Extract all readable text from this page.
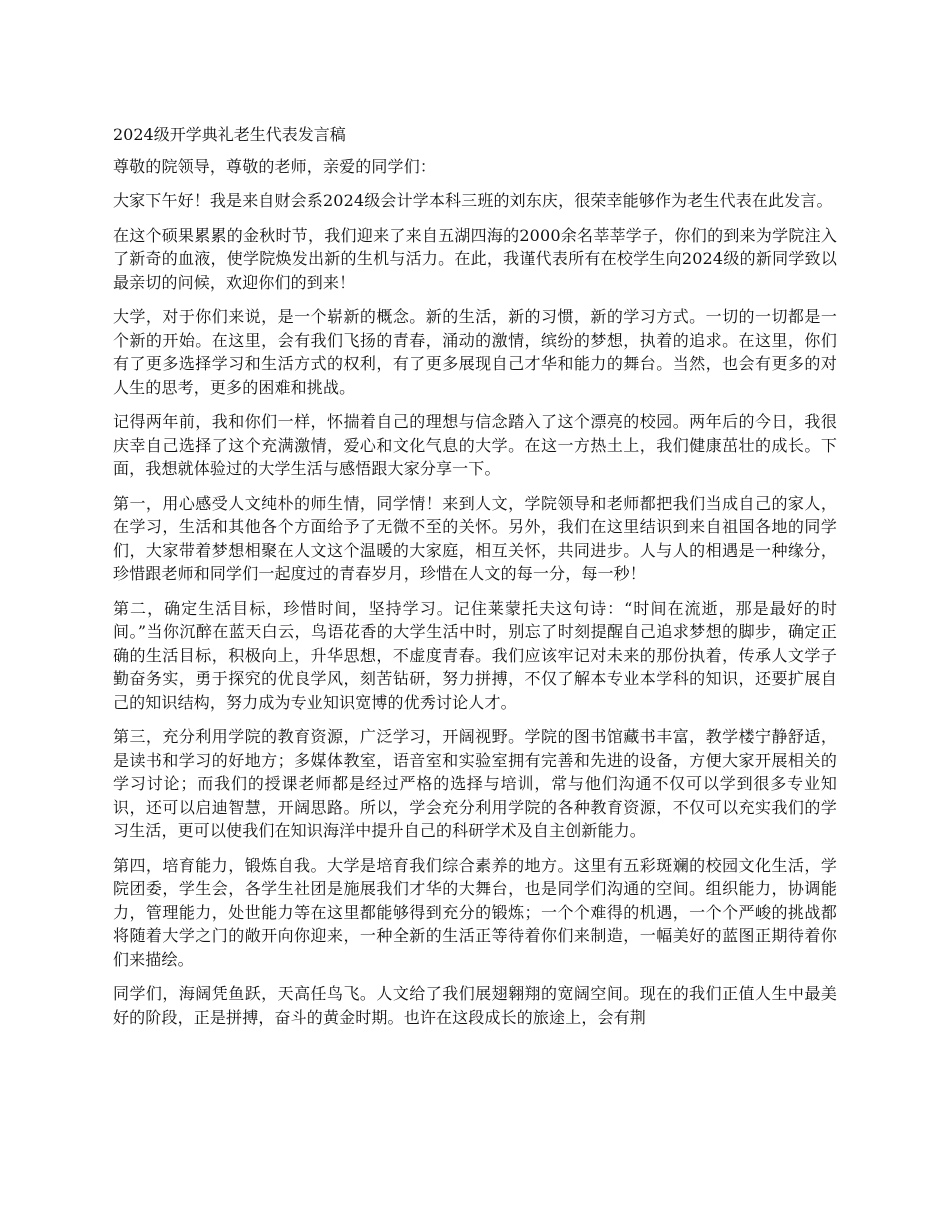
2024级开学典礼老生代表发言稿

尊敬的院领导，尊敬的老师，亲爱的同学们：

大家下午好！我是来自财会系2024级会计学本科三班的刘东庆，很荣幸能够作为老生代表在此发言。

在这个硕果累累的金秋时节，我们迎来了来自五湖四海的2000余名莘莘学子，你们的到来为学院注入了新奇的血液，使学院焕发出新的生机与活力。在此，我谨代表所有在校学生向2024级的新同学致以最亲切的问候，欢迎你们的到来！

大学，对于你们来说，是一个崭新的概念。新的生活，新的习惯，新的学习方式。一切的一切都是一个新的开始。在这里，会有我们飞扬的青春，涌动的激情，缤纷的梦想，执着的追求。在这里，你们有了更多选择学习和生活方式的权利，有了更多展现自己才华和能力的舞台。当然，也会有更多的对人生的思考，更多的困难和挑战。

记得两年前，我和你们一样，怀揣着自己的理想与信念踏入了这个漂亮的校园。两年后的今日，我很庆幸自己选择了这个充满激情，爱心和文化气息的大学。在这一方热土上，我们健康茁壮的成长。下面，我想就体验过的大学生活与感悟跟大家分享一下。

第一，用心感受人文纯朴的师生情，同学情！来到人文，学院领导和老师都把我们当成自己的家人，在学习，生活和其他各个方面给予了无微不至的关怀。另外，我们在这里结识到来自祖国各地的同学们，大家带着梦想相聚在人文这个温暖的大家庭，相互关怀，共同进步。人与人的相遇是一种缘分，珍惜跟老师和同学们一起度过的青春岁月，珍惜在人文的每一分，每一秒！

第二，确定生活目标，珍惜时间，坚持学习。记住莱蒙托夫这句诗：“时间在流逝，那是最好的时间。”当你沉醉在蓝天白云，鸟语花香的大学生活中时，别忘了时刻提醒自己追求梦想的脚步，确定正确的生活目标，积极向上，升华思想，不虚度青春。我们应该牢记对未来的那份执着，传承人文学子勤奋务实，勇于探究的优良学风，刻苦钻研，努力拼搏，不仅了解本专业本学科的知识，还要扩展自己的知识结构，努力成为专业知识宽博的优秀讨论人才。

第三，充分利用学院的教育资源，广泛学习，开阔视野。学院的图书馆藏书丰富，教学楼宁静舒适，是读书和学习的好地方；多媒体教室，语音室和实验室拥有完善和先进的设备，方便大家开展相关的学习讨论；而我们的授课老师都是经过严格的选择与培训，常与他们沟通不仅可以学到很多专业知识，还可以启迪智慧，开阔思路。所以，学会充分利用学院的各种教育资源，不仅可以充实我们的学习生活，更可以使我们在知识海洋中提升自己的科研学术及自主创新能力。

第四，培育能力，锻炼自我。大学是培育我们综合素养的地方。这里有五彩斑斓的校园文化生活，学院团委，学生会，各学生社团是施展我们才华的大舞台，也是同学们沟通的空间。组织能力，协调能力，管理能力，处世能力等在这里都能够得到充分的锻炼；一个个难得的机遇，一个个严峻的挑战都将随着大学之门的敞开向你迎来，一种全新的生活正等待着你们来制造，一幅美好的蓝图正期待着你们来描绘。

同学们，海阔凭鱼跃，天高任鸟飞。人文给了我们展翅翱翔的宽阔空间。现在的我们正值人生中最美好的阶段，正是拼搏，奋斗的黄金时期。也许在这段成长的旅途上，会有荆
